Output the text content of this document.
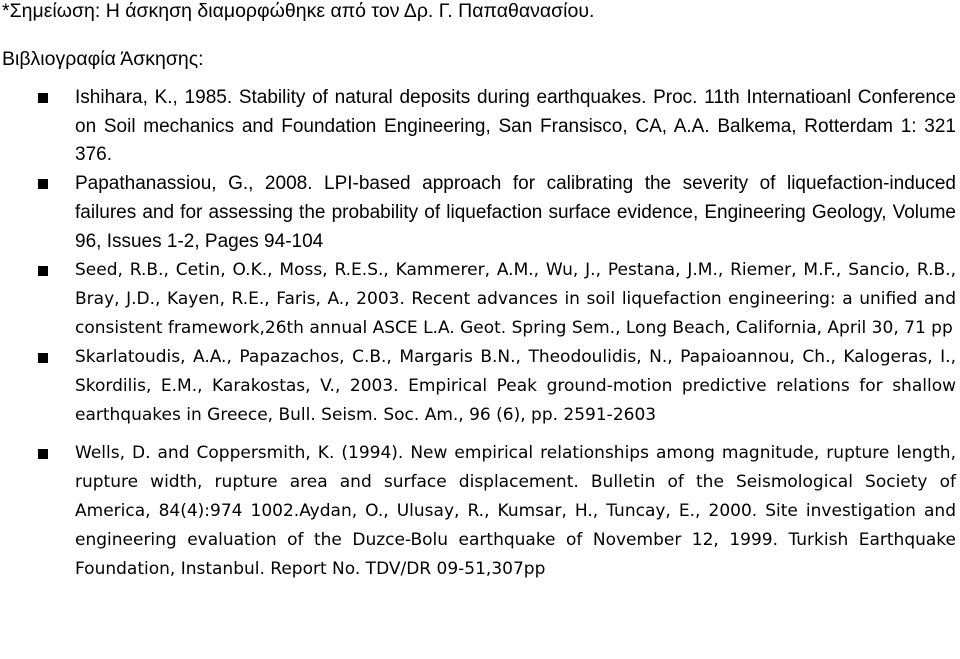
*Σημείωση: Η άσκηση διαμορφώθηκε από τον Δρ. Γ. Παπαθανασίου.
Βιβλιογραφία Άσκησης:
Ishihara, K., 1985. Stability of natural deposits during earthquakes. Proc. 11th Internatioanl Conference on Soil mechanics and Foundation Engineering, San Fransisco, CA, A.A. Balkema, Rotterdam 1: 321 376.
Papathanassiou, G., 2008. LPI-based approach for calibrating the severity of liquefaction-induced failures and for assessing the probability of liquefaction surface evidence, Engineering Geology, Volume 96, Issues 1-2, Pages 94-104
Seed, R.B., Cetin, O.K., Moss, R.E.S., Kammerer, A.M., Wu, J., Pestana, J.M., Riemer, M.F., Sancio, R.B., Bray, J.D., Kayen, R.E., Faris, A., 2003. Recent advances in soil liquefaction engineering: a unified and consistent framework,26th annual ASCE L.A. Geot. Spring Sem., Long Beach, California, April 30, 71 pp
Skarlatoudis, A.A., Papazachos, C.B., Margaris B.N., Theodoulidis, N., Papaioannou, Ch., Kalogeras, I., Skordilis, E.M., Karakostas, V., 2003. Empirical Peak ground-motion predictive relations for shallow earthquakes in Greece, Bull. Seism. Soc. Am., 96 (6), pp. 2591-2603
Wells, D. and Coppersmith, K. (1994). New empirical relationships among magnitude, rupture length, rupture width, rupture area and surface displacement. Bulletin of the Seismological Society of America, 84(4):974 1002.Aydan, O., Ulusay, R., Kumsar, H., Tuncay, E., 2000. Site investigation and engineering evaluation of the Duzce-Bolu earthquake of November 12, 1999. Turkish Earthquake Foundation, Instanbul. Report No. TDV/DR 09-51,307pp
